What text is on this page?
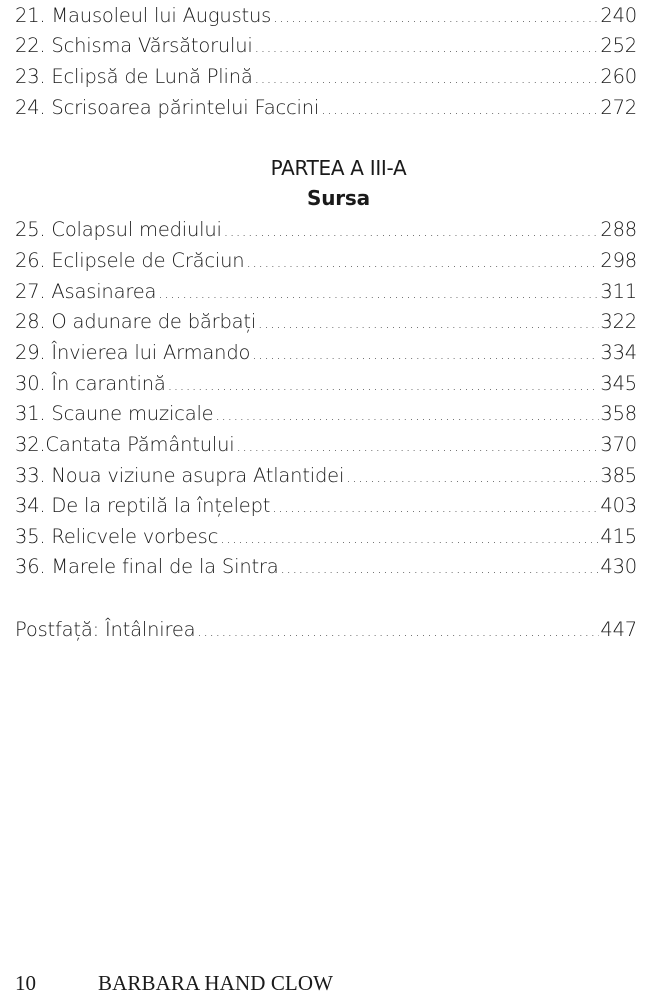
21. Mausoleul lui Augustus .....	240
22. Schisma Vărsătorului .....	252
23. Eclipsă de Lună Plină .....	260
24. Scrisoarea părintelui Faccini .....	272
PARTEA A III-A
Sursa
25. Colapsul mediului .....	288
26. Eclipsele de Crăciun .....	298
27. Asasinarea .....	311
28. O adunare de bărbați .....	322
29. Învierea lui Armando .....	334
30. În carantină .....	345
31. Scaune muzicale .....	358
32.Cantata Pământului .....	370
33. Noua viziune asupra Atlantidei .....	385
34. De la reptilă la înțelept .....	403
35. Relicvele vorbesc .....	415
36. Marele final de la Sintra .....	430
Postfață: Întâlnirea .....	447
10	BARBARA HAND CLOW
